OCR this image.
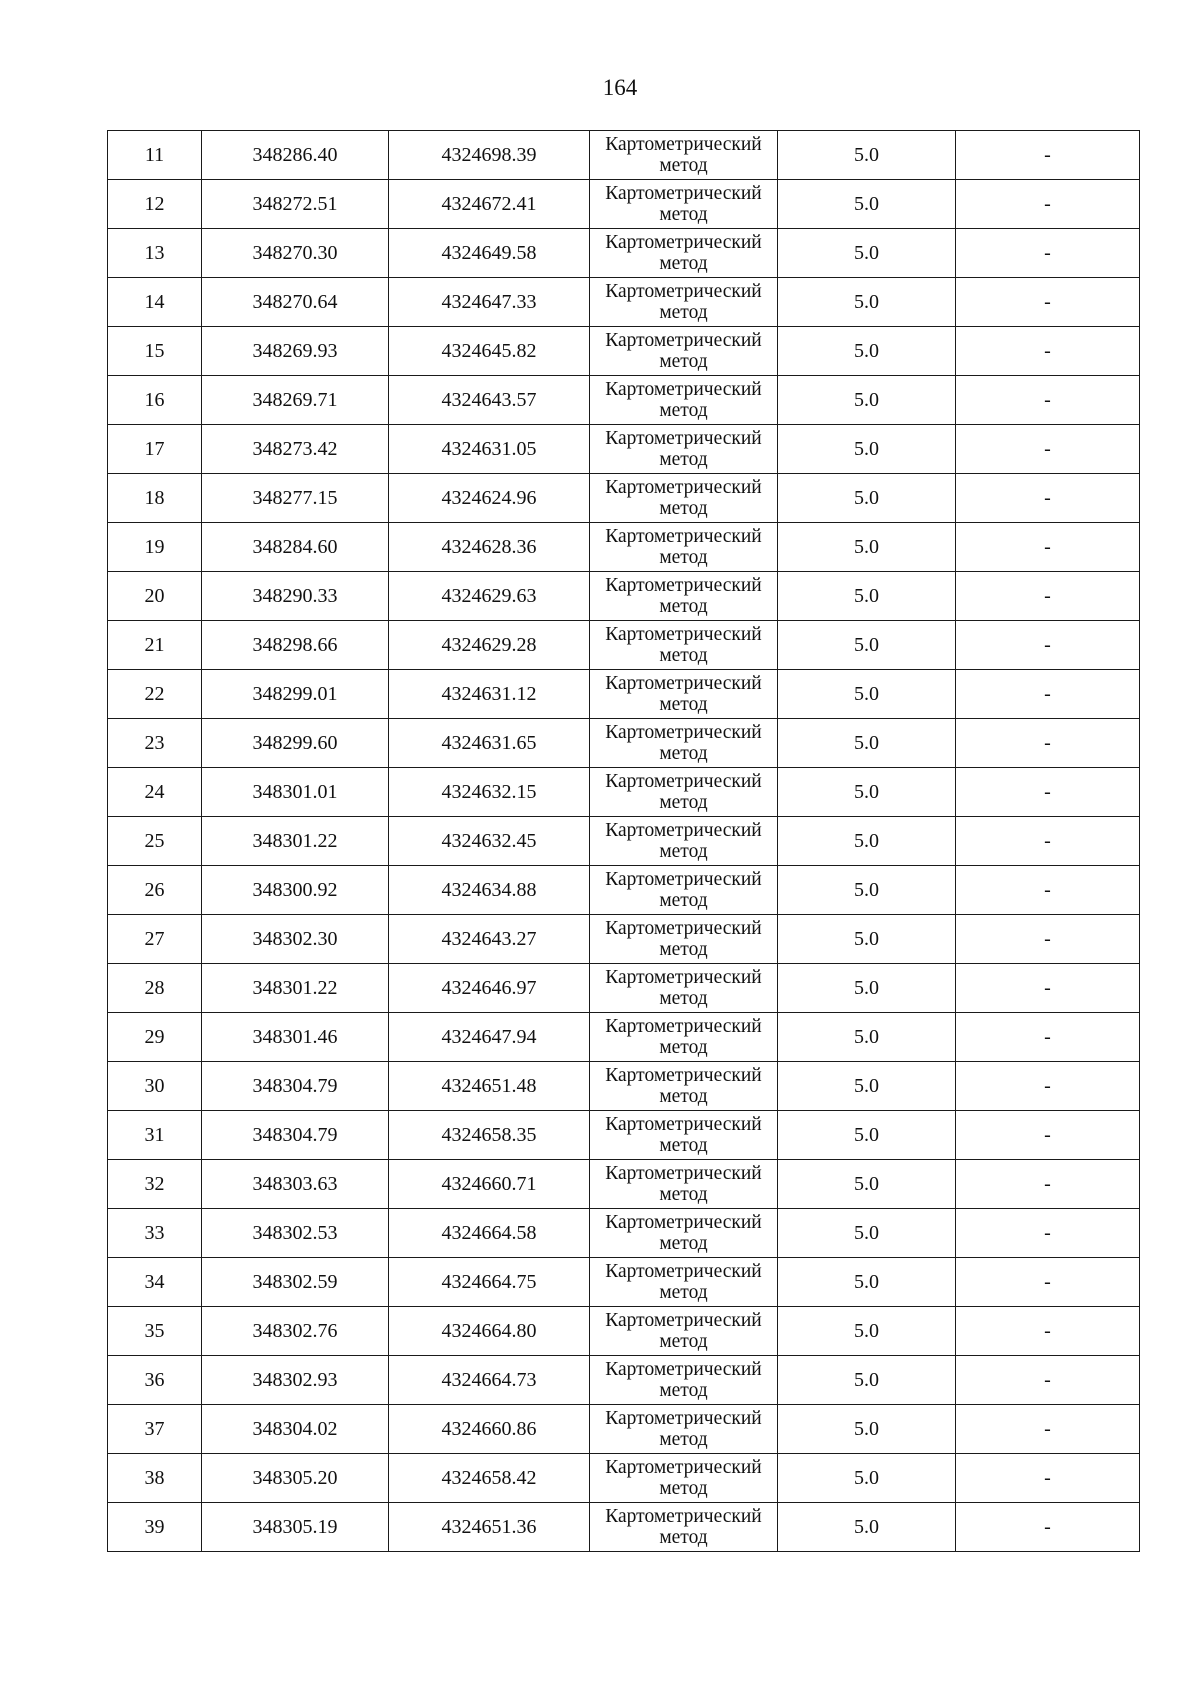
164
11	348286.40	4324698.39	Картометрический метод	5.0	-
12	348272.51	4324672.41	Картометрический метод	5.0	-
13	348270.30	4324649.58	Картометрический метод	5.0	-
14	348270.64	4324647.33	Картометрический метод	5.0	-
15	348269.93	4324645.82	Картометрический метод	5.0	-
16	348269.71	4324643.57	Картометрический метод	5.0	-
17	348273.42	4324631.05	Картометрический метод	5.0	-
18	348277.15	4324624.96	Картометрический метод	5.0	-
19	348284.60	4324628.36	Картометрический метод	5.0	-
20	348290.33	4324629.63	Картометрический метод	5.0	-
21	348298.66	4324629.28	Картометрический метод	5.0	-
22	348299.01	4324631.12	Картометрический метод	5.0	-
23	348299.60	4324631.65	Картометрический метод	5.0	-
24	348301.01	4324632.15	Картометрический метод	5.0	-
25	348301.22	4324632.45	Картометрический метод	5.0	-
26	348300.92	4324634.88	Картометрический метод	5.0	-
27	348302.30	4324643.27	Картометрический метод	5.0	-
28	348301.22	4324646.97	Картометрический метод	5.0	-
29	348301.46	4324647.94	Картометрический метод	5.0	-
30	348304.79	4324651.48	Картометрический метод	5.0	-
31	348304.79	4324658.35	Картометрический метод	5.0	-
32	348303.63	4324660.71	Картометрический метод	5.0	-
33	348302.53	4324664.58	Картометрический метод	5.0	-
34	348302.59	4324664.75	Картометрический метод	5.0	-
35	348302.76	4324664.80	Картометрический метод	5.0	-
36	348302.93	4324664.73	Картометрический метод	5.0	-
37	348304.02	4324660.86	Картометрический метод	5.0	-
38	348305.20	4324658.42	Картометрический метод	5.0	-
39	348305.19	4324651.36	Картометрический метод	5.0	-
